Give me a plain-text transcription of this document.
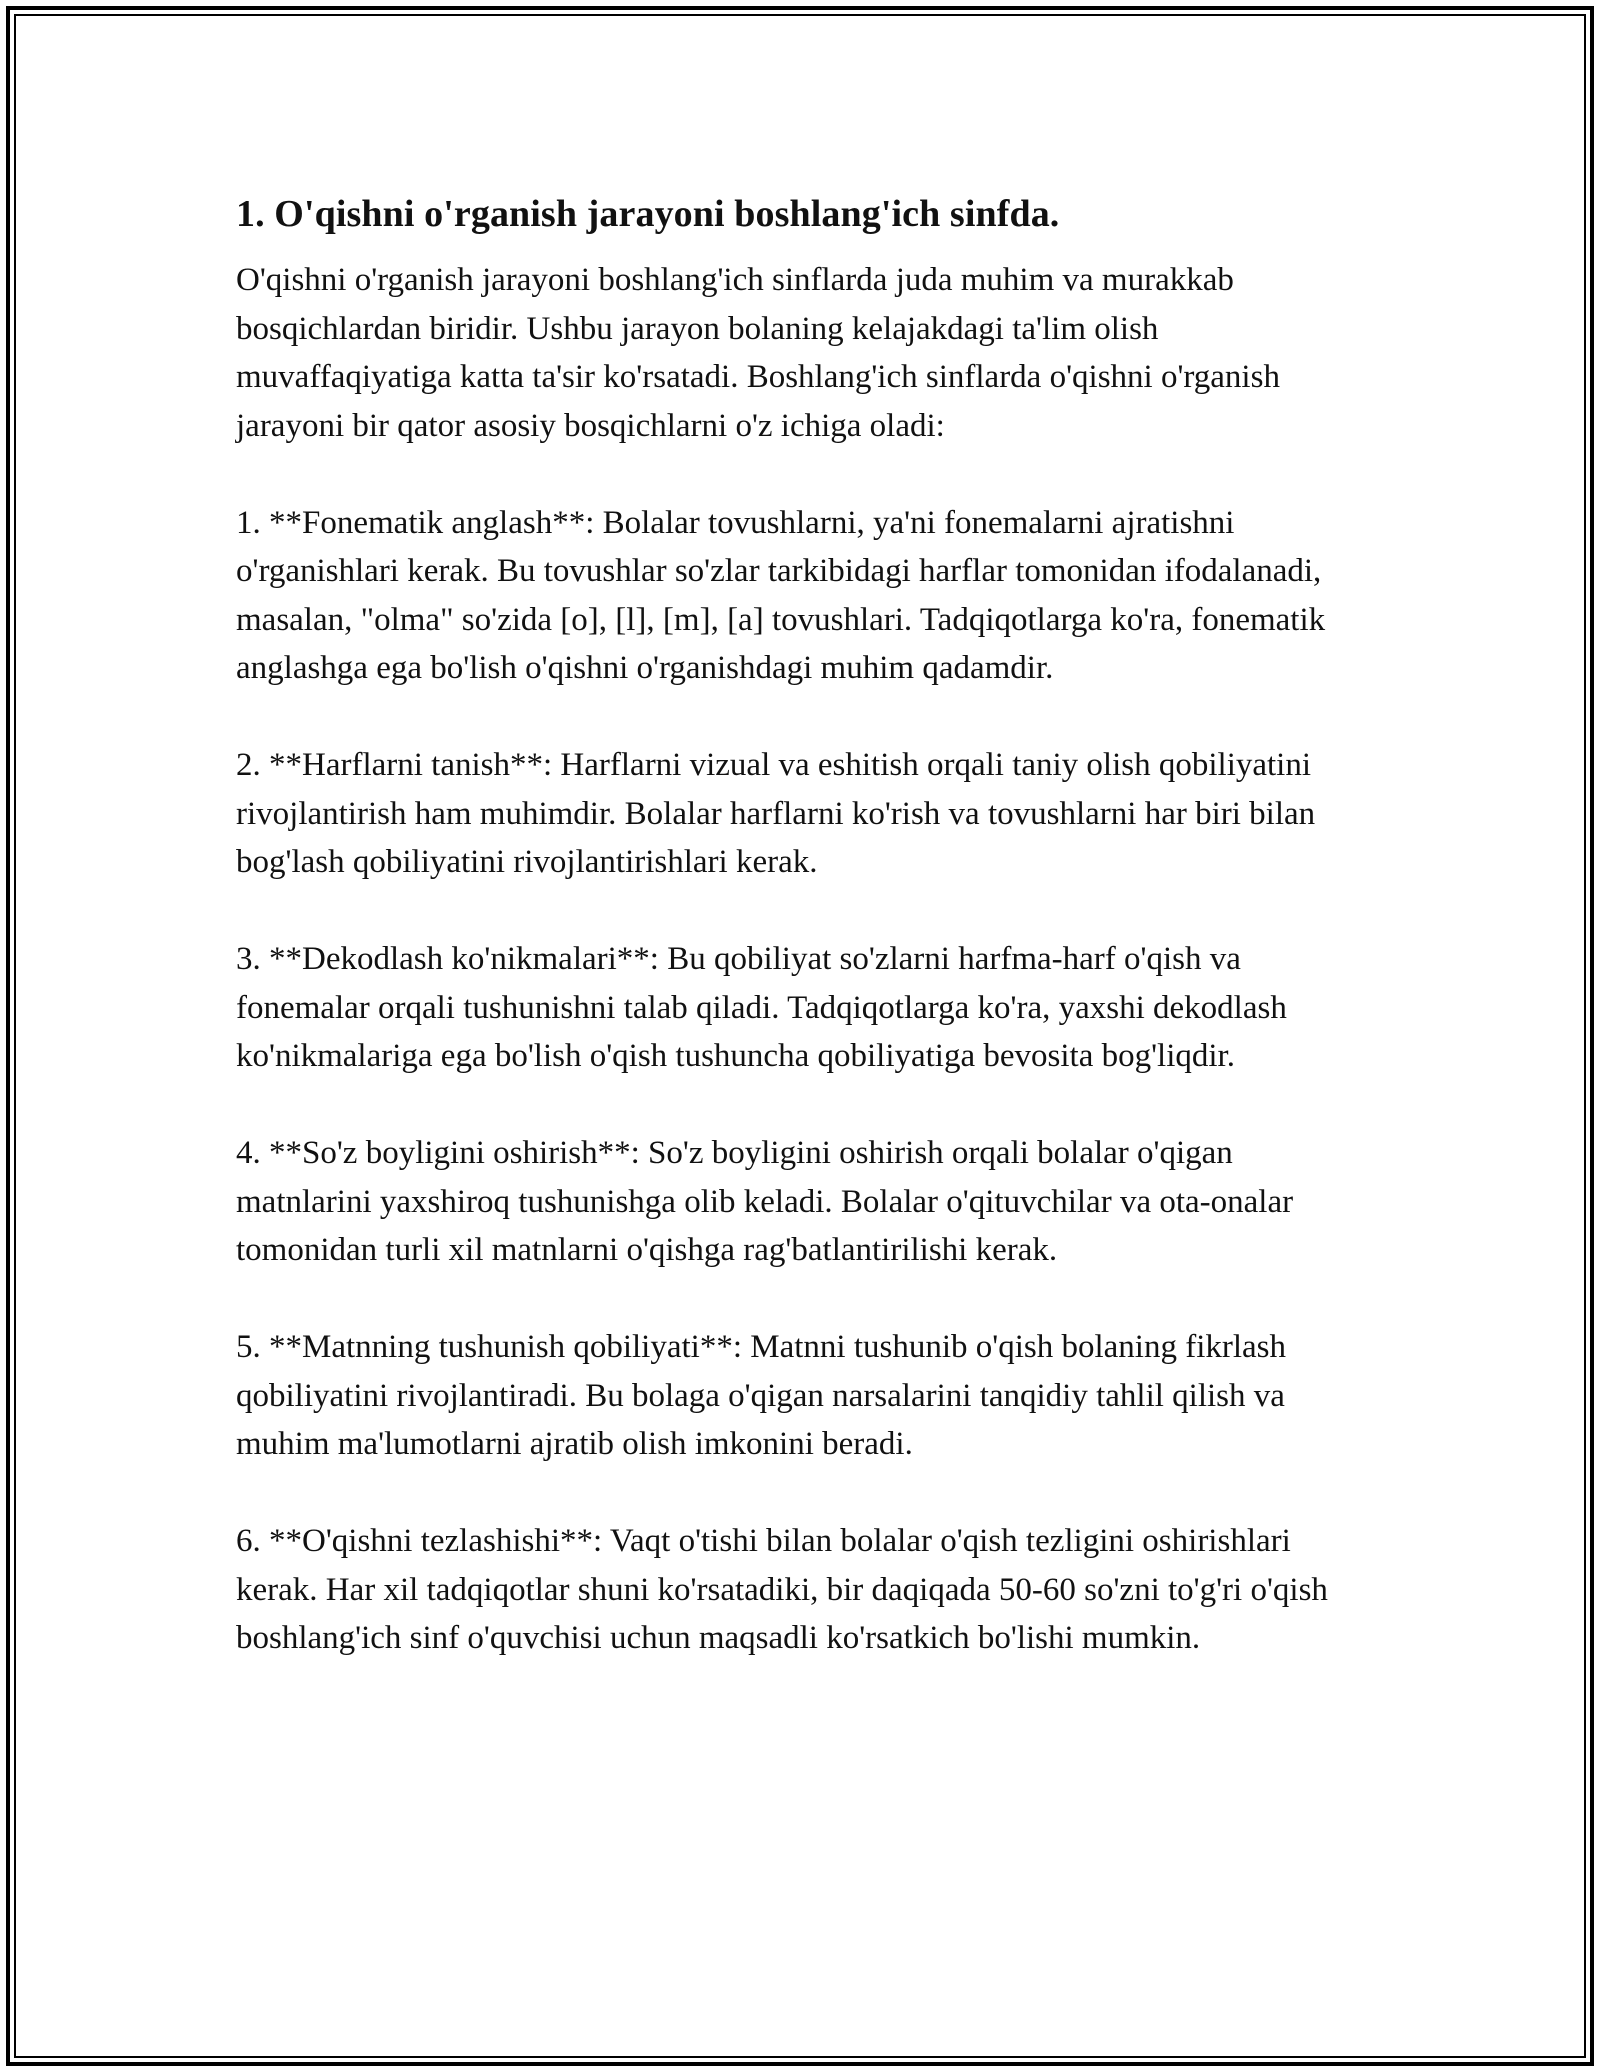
1. O'qishni o'rganish jarayoni boshlang'ich sinfda.

O'qishni o'rganish jarayoni boshlang'ich sinflarda juda muhim va murakkab bosqichlardan biridir. Ushbu jarayon bolaning kelajakdagi ta'lim olish muvaffaqiyatiga katta ta'sir ko'rsatadi. Boshlang'ich sinflarda o'qishni o'rganish jarayoni bir qator asosiy bosqichlarni o'z ichiga oladi:

1. **Fonematik anglash**: Bolalar tovushlarni, ya'ni fonemalarni ajratishni o'rganishlari kerak. Bu tovushlar so'zlar tarkibidagi harflar tomonidan ifodalanadi, masalan, "olma" so'zida [o], [l], [m], [a] tovushlari. Tadqiqotlarga ko'ra, fonematik anglashga ega bo'lish o'qishni o'rganishdagi muhim qadamdir.

2. **Harflarni tanish**: Harflarni vizual va eshitish orqali taniy olish qobiliyatini rivojlantirish ham muhimdir. Bolalar harflarni ko'rish va tovushlarni har biri bilan bog'lash qobiliyatini rivojlantirishlari kerak.

3. **Dekodlash ko'nikmalari**: Bu qobiliyat so'zlarni harfma-harf o'qish va fonemalar orqali tushunishni talab qiladi. Tadqiqotlarga ko'ra, yaxshi dekodlash ko'nikmalariga ega bo'lish o'qish tushuncha qobiliyatiga bevosita bog'liqdir.

4. **So'z boyligini oshirish**: So'z boyligini oshirish orqali bolalar o'qigan matnlarini yaxshiroq tushunishga olib keladi. Bolalar o'qituvchilar va ota-onalar tomonidan turli xil matnlarni o'qishga rag'batlantirilishi kerak.

5. **Matnning tushunish qobiliyati**: Matnni tushunib o'qish bolaning fikrlash qobiliyatini rivojlantiradi. Bu bolaga o'qigan narsalarini tanqidiy tahlil qilish va muhim ma'lumotlarni ajratib olish imkonini beradi.

6. **O'qishni tezlashishi**: Vaqt o'tishi bilan bolalar o'qish tezligini oshirishlari kerak. Har xil tadqiqotlar shuni ko'rsatadiki, bir daqiqada 50-60 so'zni to'g'ri o'qish boshlang'ich sinf o'quvchisi uchun maqsadli ko'rsatkich bo'lishi mumkin.
